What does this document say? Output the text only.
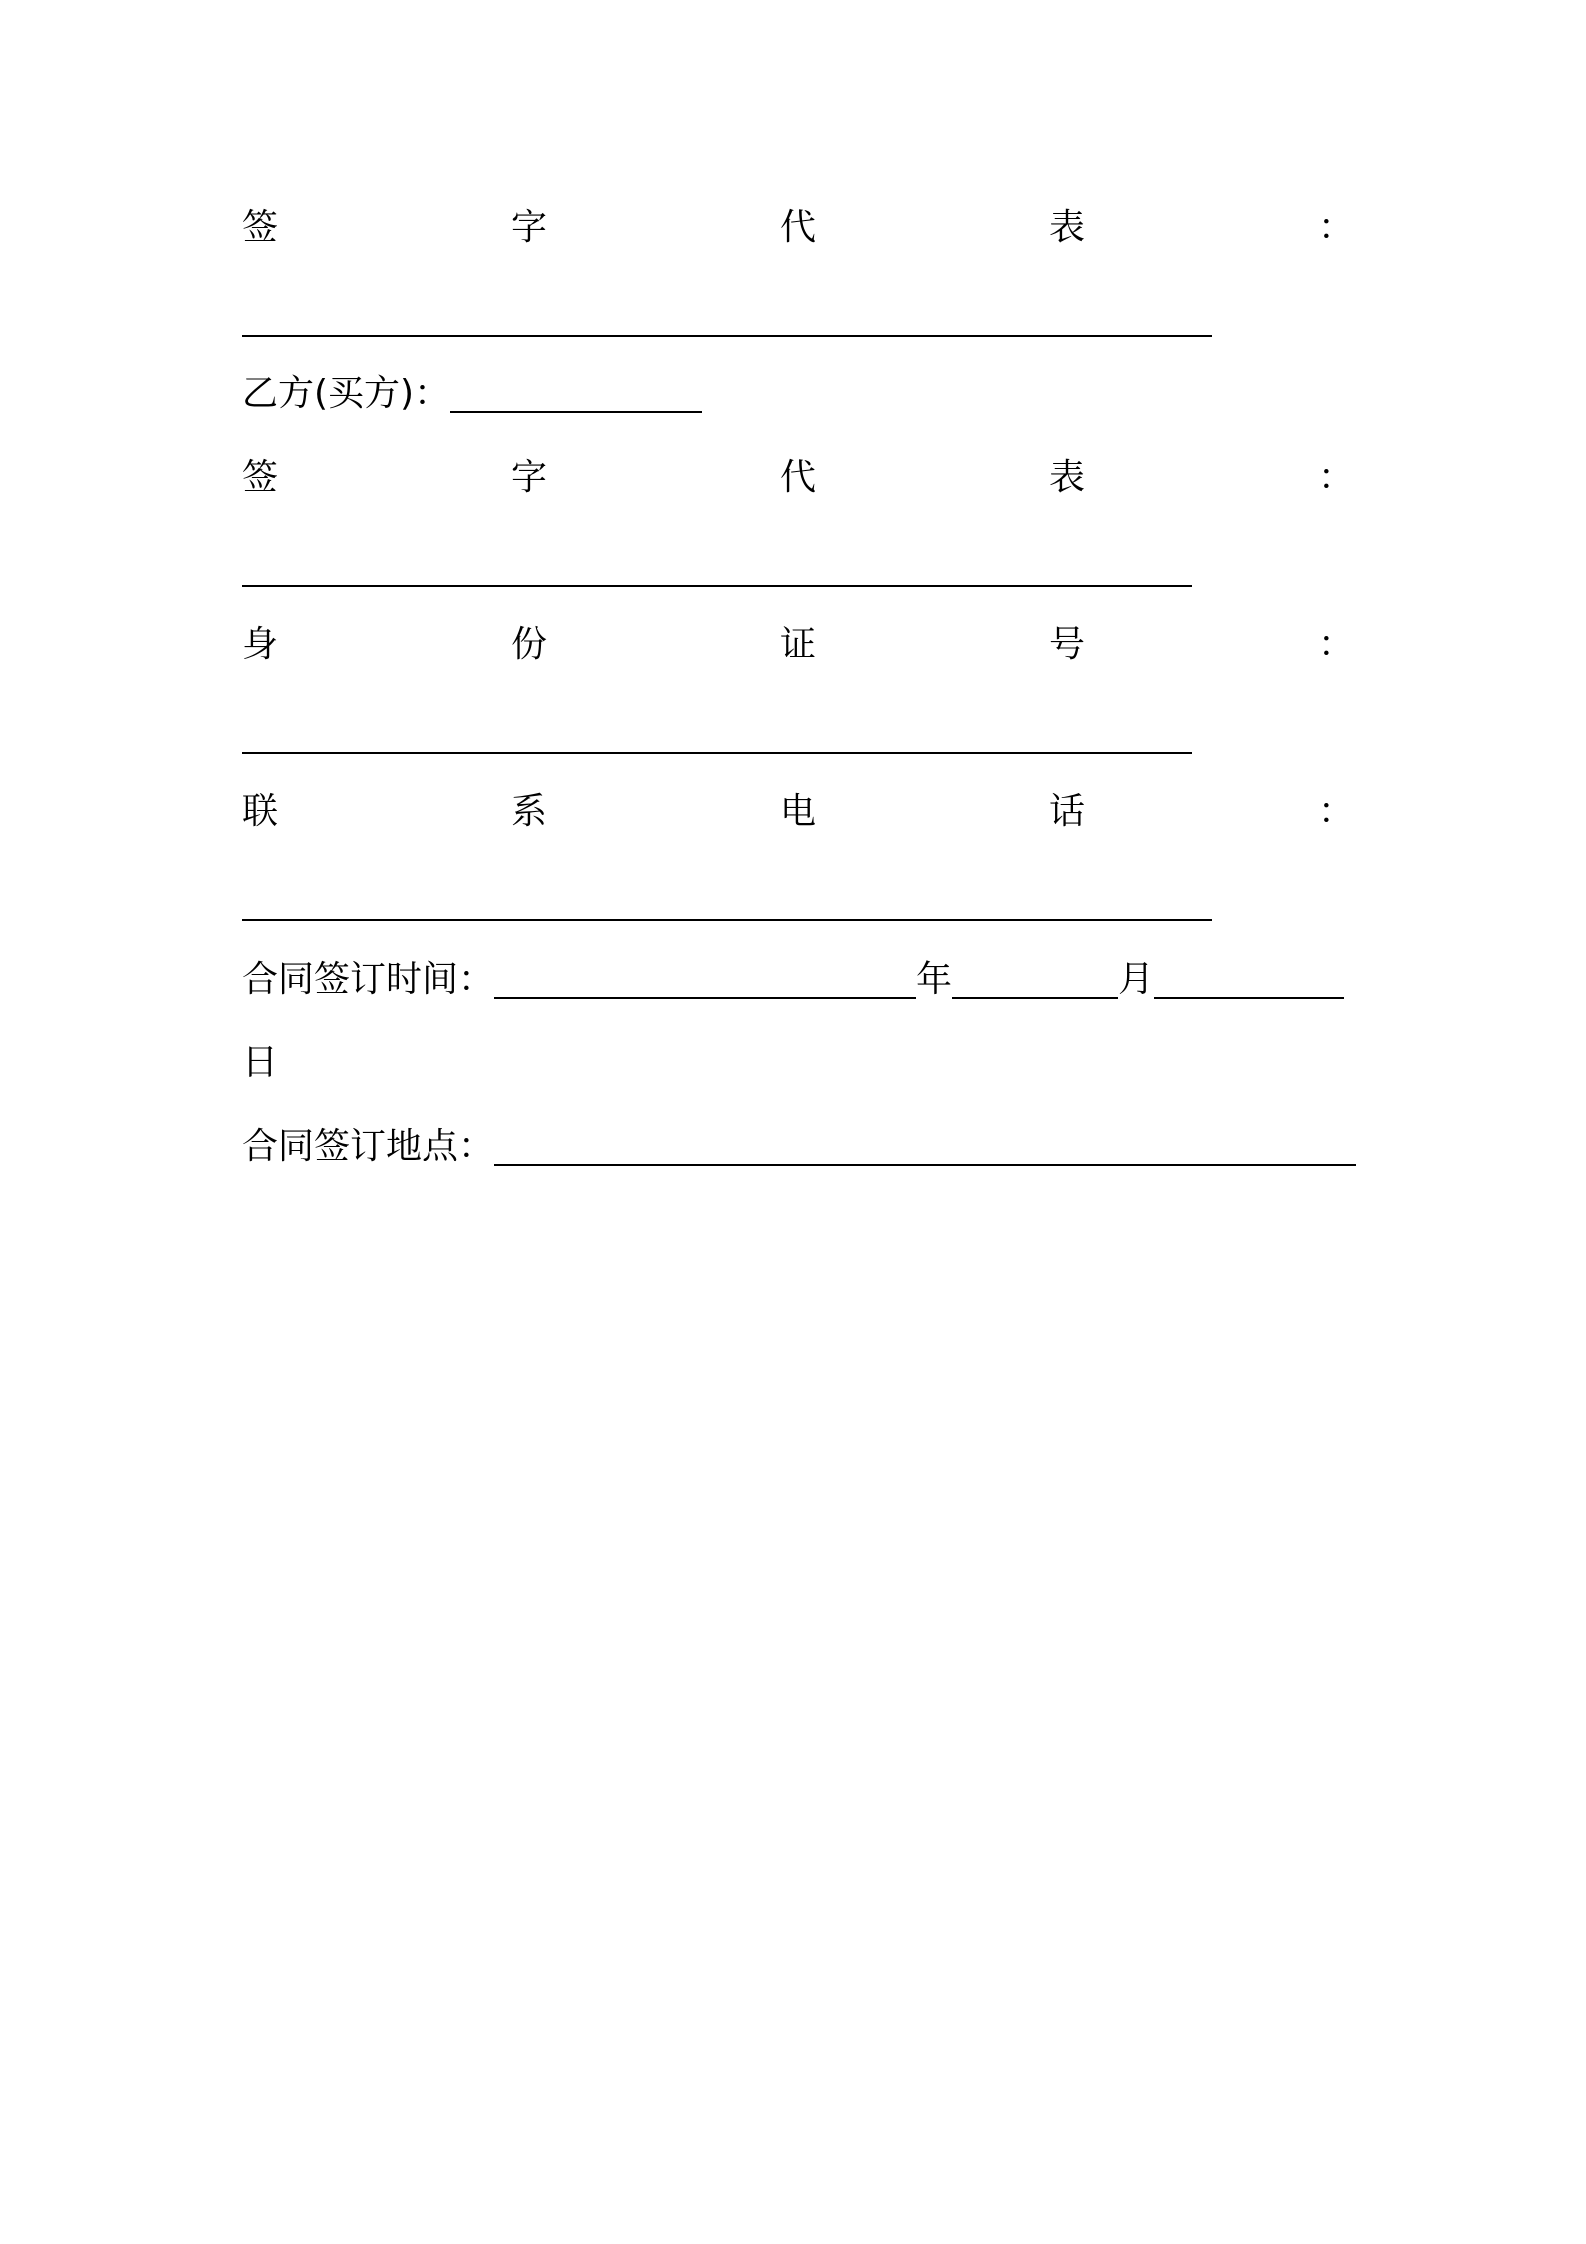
签	字	代	表	：
乙方(买方)：
签	字	代	表	：
身	份	证	号	：
联	系	电	话	：
合同签订时间：	年	月
日
合同签订地点：
